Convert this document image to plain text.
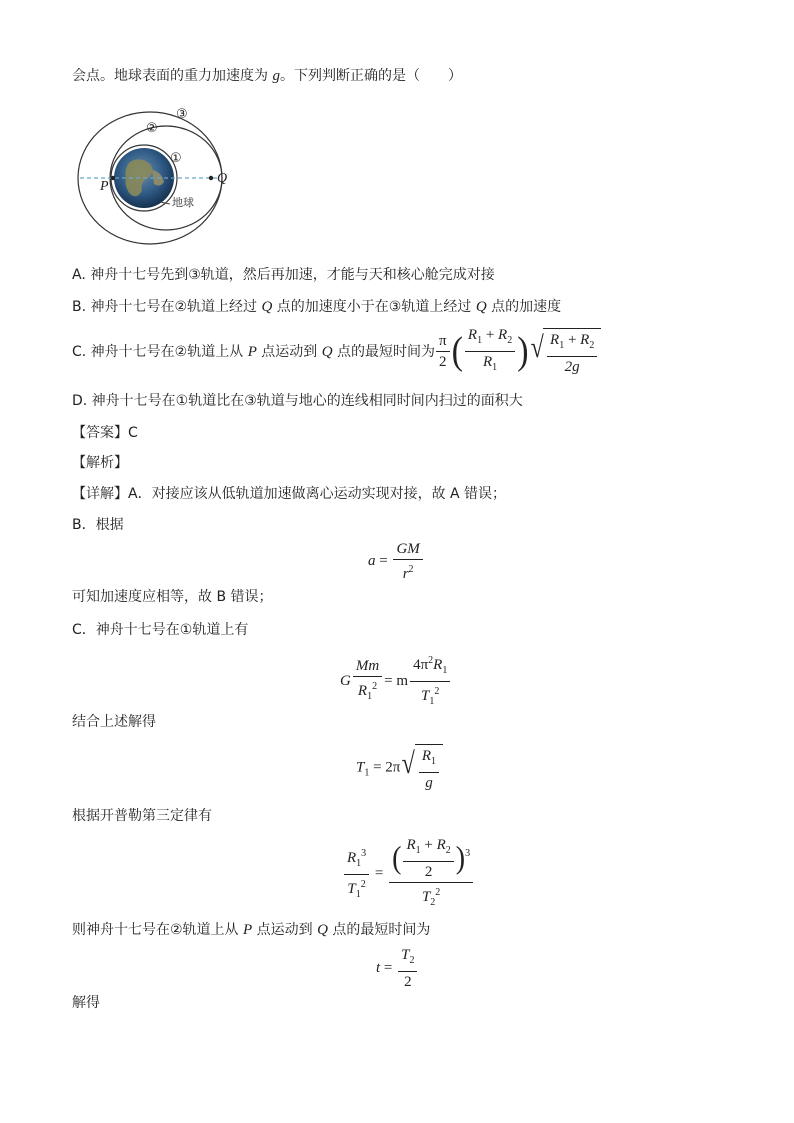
会点。地球表面的重力加速度为 g。下列判断正确的是（　　）
①
②
③
P
Q
地球
A. 神舟十七号先到③轨道，然后再加速，才能与天和核心舱完成对接
B. 神舟十七号在②轨道上经过 Q 点的加速度小于在③轨道上经过 Q 点的加速度
C. 神舟十七号在②轨道上从 P 点运动到 Q 点的最短时间为 $\frac{\pi}{2}$ ( $\frac{R_1 + R_2}{R_1}$ ) √ $\frac{R_1 + R_2}{2g}$
D. 神舟十七号在①轨道比在③轨道与地心的连线相同时间内扫过的面积大
【答案】C
【解析】
【详解】A．对接应该从低轨道加速做离心运动实现对接，故 A 错误；
B．根据
$a = \frac{GM}{r^2}$
可知加速度应相等，故 B 错误；
C．神舟十七号在①轨道上有
G $\frac{Mm}{R_1^2} = m \frac{4\pi^2R_1}{T_1^2}$
结合上述解得
$T_1 = 2\pi$ √ $\frac{R_1}{g}$
根据开普勒第三定律有
$\frac{R_1^3}{T_1^2} = \frac{( \frac{R_1 + R_2}{2} )^3}{T_2^2}$
则神舟十七号在②轨道上从 P 点运动到 Q 点的最短时间为
$t = \frac{T_2}{2}$
解得
